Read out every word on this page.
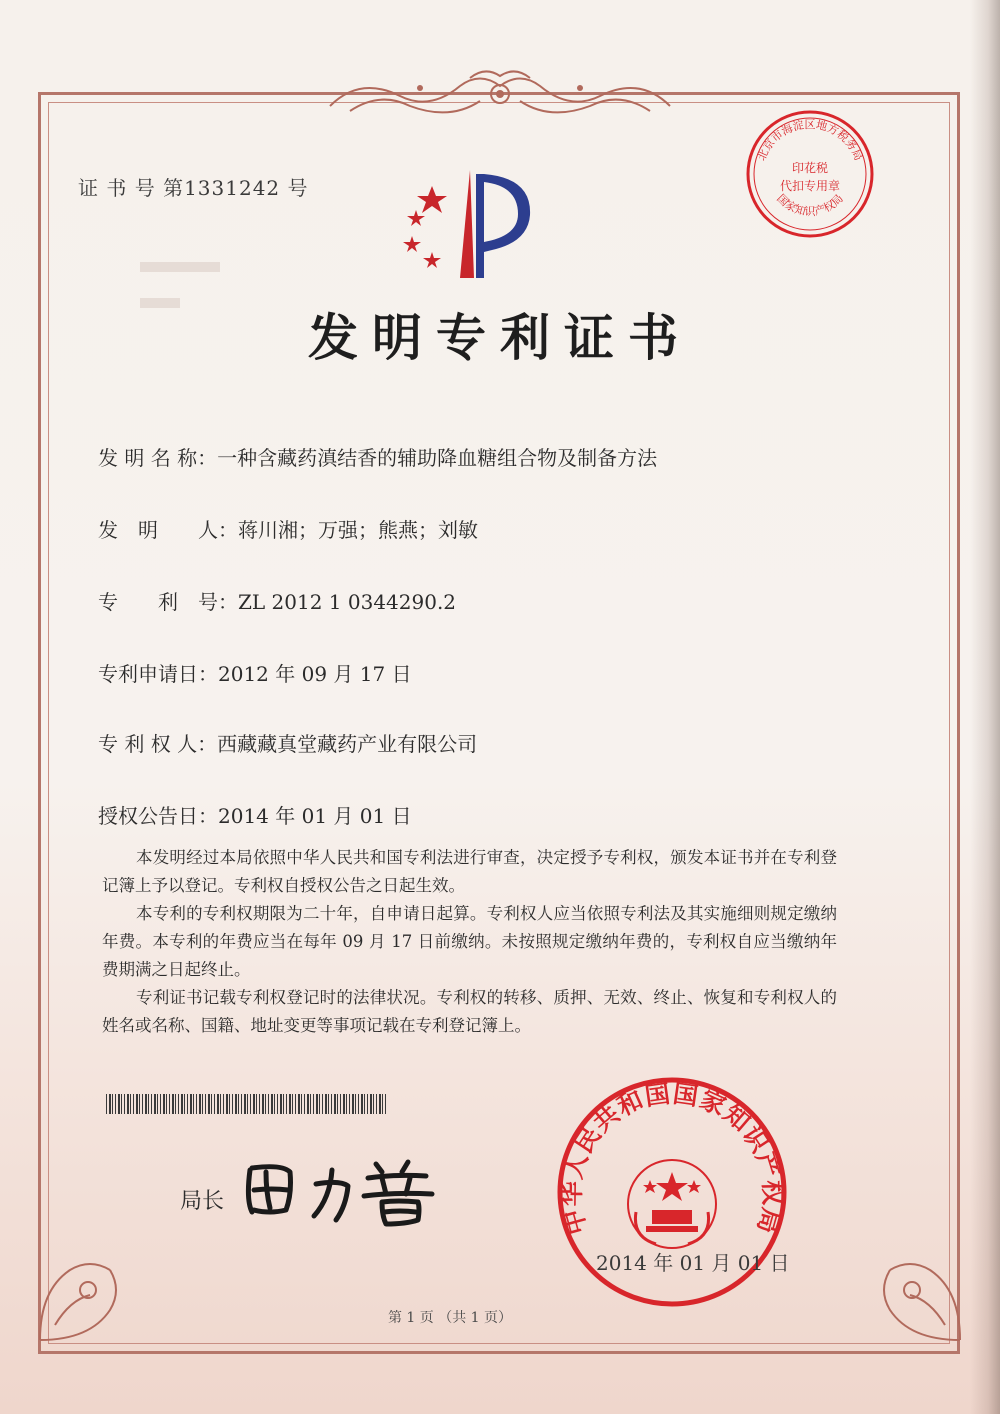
证 书 号 第1331242 号
北京市海淀区地方税务局
印花税
代扣专用章
国家知识产权局
发明专利证书
发 明 名 称：一种含藏药滇结香的辅助降血糖组合物及制备方法
发　明　　人：蒋川湘；万强；熊燕；刘敏
专　　利　号：ZL 2012 1 0344290.2
专利申请日：2012 年 09 月 17 日
专 利 权 人：西藏藏真堂藏药产业有限公司
授权公告日：2014 年 01 月 01 日

本发明经过本局依照中华人民共和国专利法进行审查，决定授予专利权，颁发本证书并在专利登记簿上予以登记。专利权自授权公告之日起生效。

本专利的专利权期限为二十年，自申请日起算。专利权人应当依照专利法及其实施细则规定缴纳年费。本专利的年费应当在每年 09 月 17 日前缴纳。未按照规定缴纳年费的，专利权自应当缴纳年费期满之日起终止。

专利证书记载专利权登记时的法律状况。专利权的转移、质押、无效、终止、恢复和专利权人的姓名或名称、国籍、地址变更等事项记载在专利登记簿上。

局长
中华人民共和国国家知识产权局
2014 年 01 月 01 日
第 1 页 （共 1 页）
